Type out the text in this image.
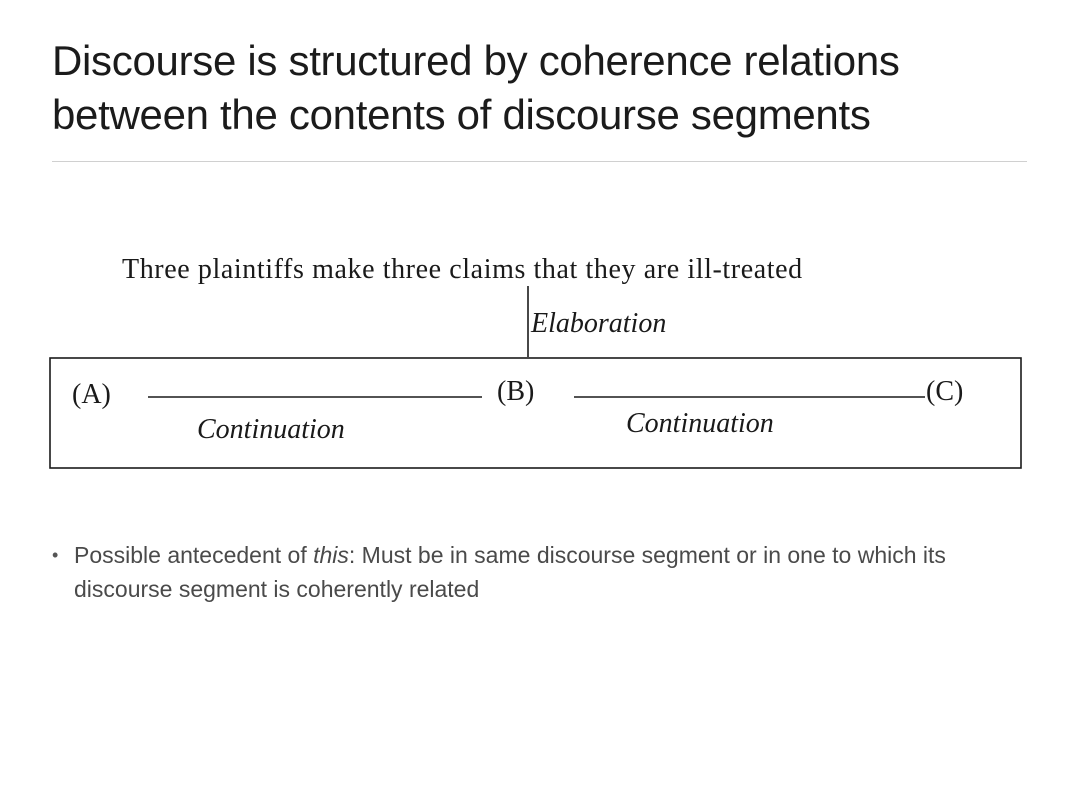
Discourse is structured by coherence relations between the contents of discourse segments
Three plaintiffs make three claims that they are ill-treated
Elaboration
(A)	(B)	(C)
Continuation	Continuation
• Possible antecedent of this: Must be in same discourse segment or in one to which its discourse segment is coherently related
